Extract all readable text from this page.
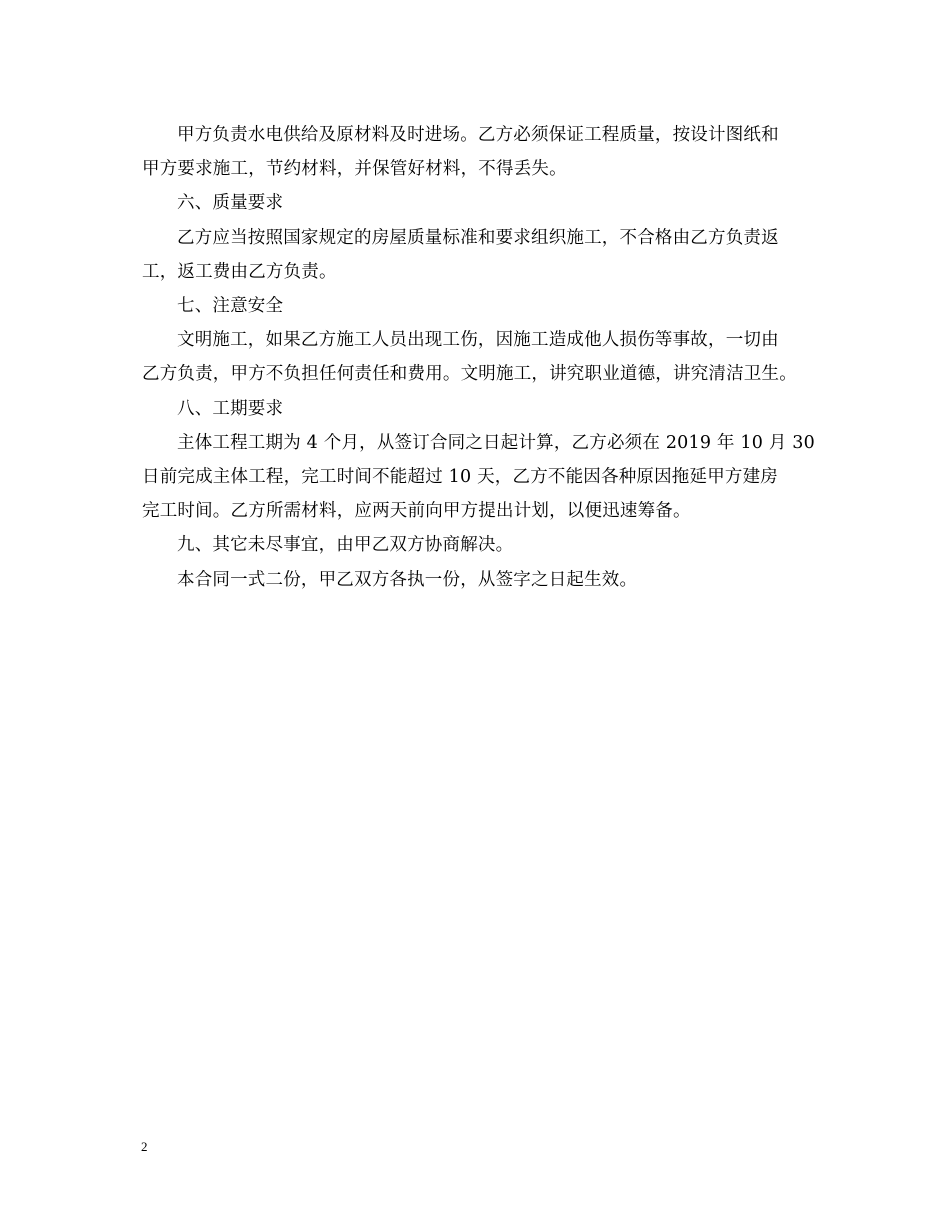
甲方负责水电供给及原材料及时进场。乙方必须保证工程质量，按设计图纸和
甲方要求施工，节约材料，并保管好材料，不得丢失。
六、质量要求
乙方应当按照国家规定的房屋质量标准和要求组织施工，不合格由乙方负责返
工，返工费由乙方负责。
七、注意安全
文明施工，如果乙方施工人员出现工伤，因施工造成他人损伤等事故，一切由
乙方负责，甲方不负担任何责任和费用。文明施工，讲究职业道德，讲究清洁卫生。
八、工期要求
主体工程工期为 4 个月，从签订合同之日起计算，乙方必须在 2019 年 10 月 30
日前完成主体工程，完工时间不能超过 10 天，乙方不能因各种原因拖延甲方建房
完工时间。乙方所需材料，应两天前向甲方提出计划，以便迅速筹备。
九、其它未尽事宜，由甲乙双方协商解决。
本合同一式二份，甲乙双方各执一份，从签字之日起生效。
2
